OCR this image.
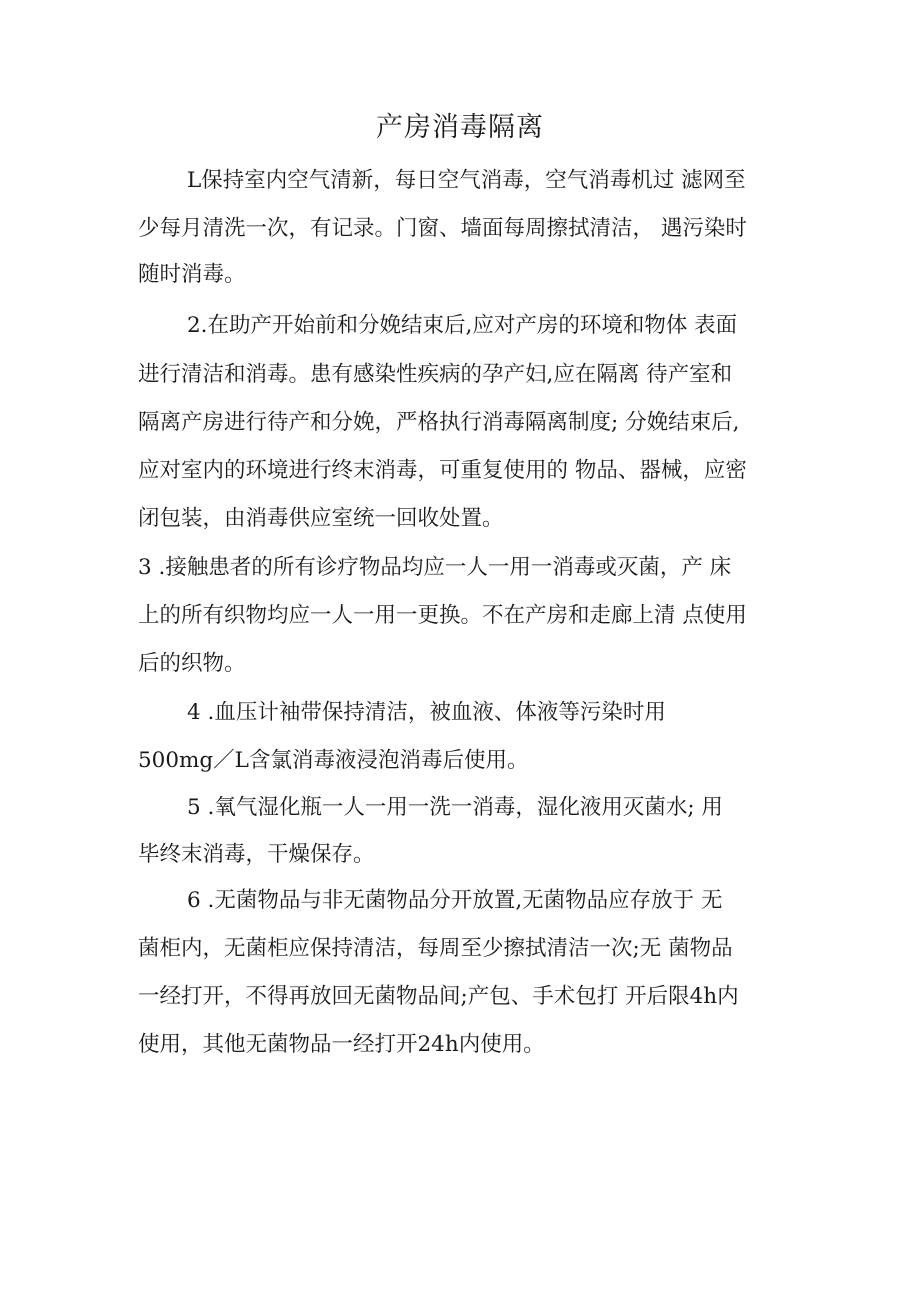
产房消毒隔离

L保持室内空气清新，每日空气消毒，空气消毒机过 滤网至

少每月清洗一次，有记录。门窗、墙面每周擦拭清洁， 遇污染时

随时消毒。

2.在助产开始前和分娩结束后,应对产房的环境和物体 表面

进行清洁和消毒。患有感染性疾病的孕产妇,应在隔离 待产室和

隔离产房进行待产和分娩，严格执行消毒隔离制度; 分娩结束后,

应对室内的环境进行终末消毒，可重复使用的 物品、器械，应密

闭包装，由消毒供应室统一回收处置。

3 .接触患者的所有诊疗物品均应一人一用一消毒或灭菌，产 床

上的所有织物均应一人一用一更换。不在产房和走廊上清 点使用

后的织物。

4 .血压计袖带保持清洁，被血液、体液等污染时用

500mg／L含氯消毒液浸泡消毒后使用。

5 .氧气湿化瓶一人一用一洗一消毒，湿化液用灭菌水; 用

毕终末消毒，干燥保存。

6 .无菌物品与非无菌物品分开放置,无菌物品应存放于 无

菌柜内，无菌柜应保持清洁，每周至少擦拭清洁一次;无 菌物品

一经打开，不得再放回无菌物品间;产包、手术包打 开后限4h内

使用，其他无菌物品一经打开24h内使用。
